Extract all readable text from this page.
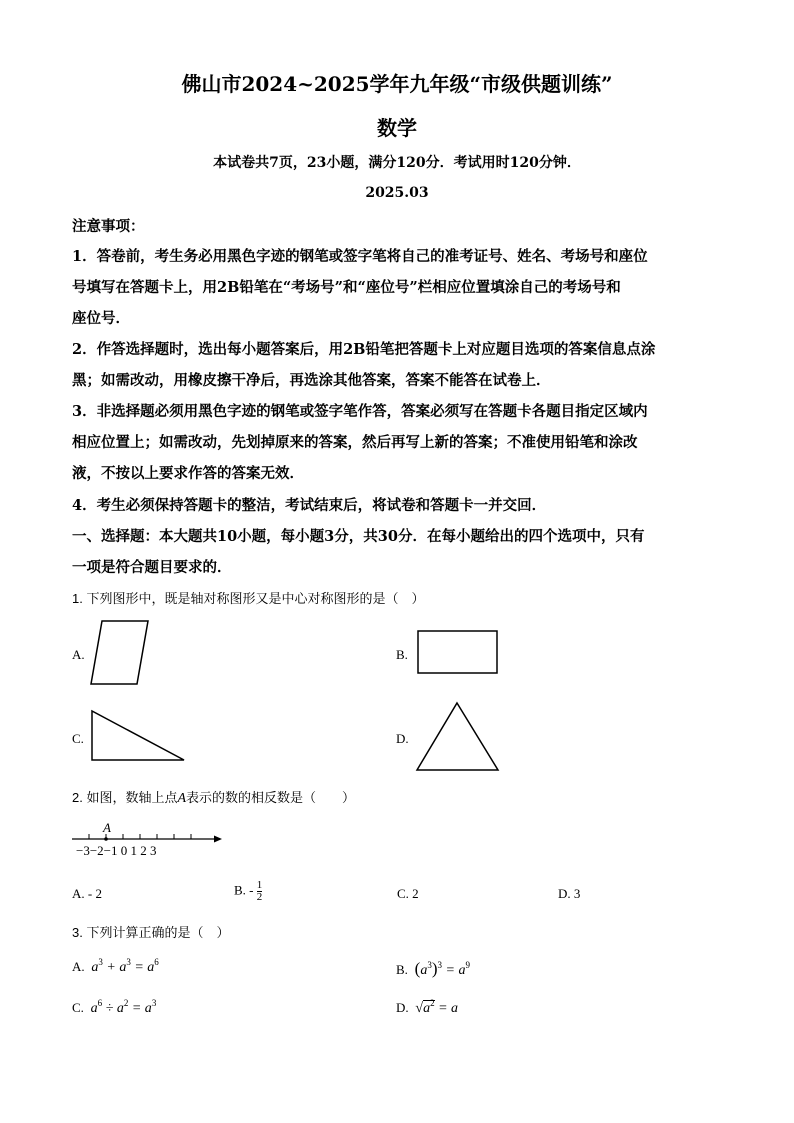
佛山市2024~2025学年九年级“市级供题训练”
数学
本试卷共7页，23小题，满分120分．考试用时120分钟．
2025.03
注意事项：
1．答卷前，考生务必用黑色字迹的钢笔或签字笔将自己的准考证号、姓名、考场号和座位
号填写在答题卡上，用2B铅笔在“考场号”和“座位号”栏相应位置填涂自己的考场号和
座位号．
2．作答选择题时，选出每小题答案后，用2B铅笔把答题卡上对应题目选项的答案信息点涂
黑；如需改动，用橡皮擦干净后，再选涂其他答案，答案不能答在试卷上．
3．非选择题必须用黑色字迹的钢笔或签字笔作答，答案必须写在答题卡各题目指定区域内
相应位置上；如需改动，先划掉原来的答案，然后再写上新的答案；不准使用铅笔和涂改
液，不按以上要求作答的答案无效．
4．考生必须保持答题卡的整洁，考试结束后，将试卷和答题卡一并交回．
一、选择题：本大题共10小题，每小题3分，共30分．在每小题给出的四个选项中，只有
一项是符合题目要求的．
1. 下列图形中，既是轴对称图形又是中心对称图形的是（　）
A.	B.
C.	D.
2. 如图，数轴上点A表示的数的相反数是（　　）
A
−3−2−1 0 1 2 3
A. - 2	B. - $\frac{1}{2}$	C. 2	D. 3
3. 下列计算正确的是（　）
A.  $a^3 + a^3 = a^6$	B. $(a^3)^3 = a^9$
C.  $a^6 \div a^2 = a^3$	D. $√a^2 = a$
